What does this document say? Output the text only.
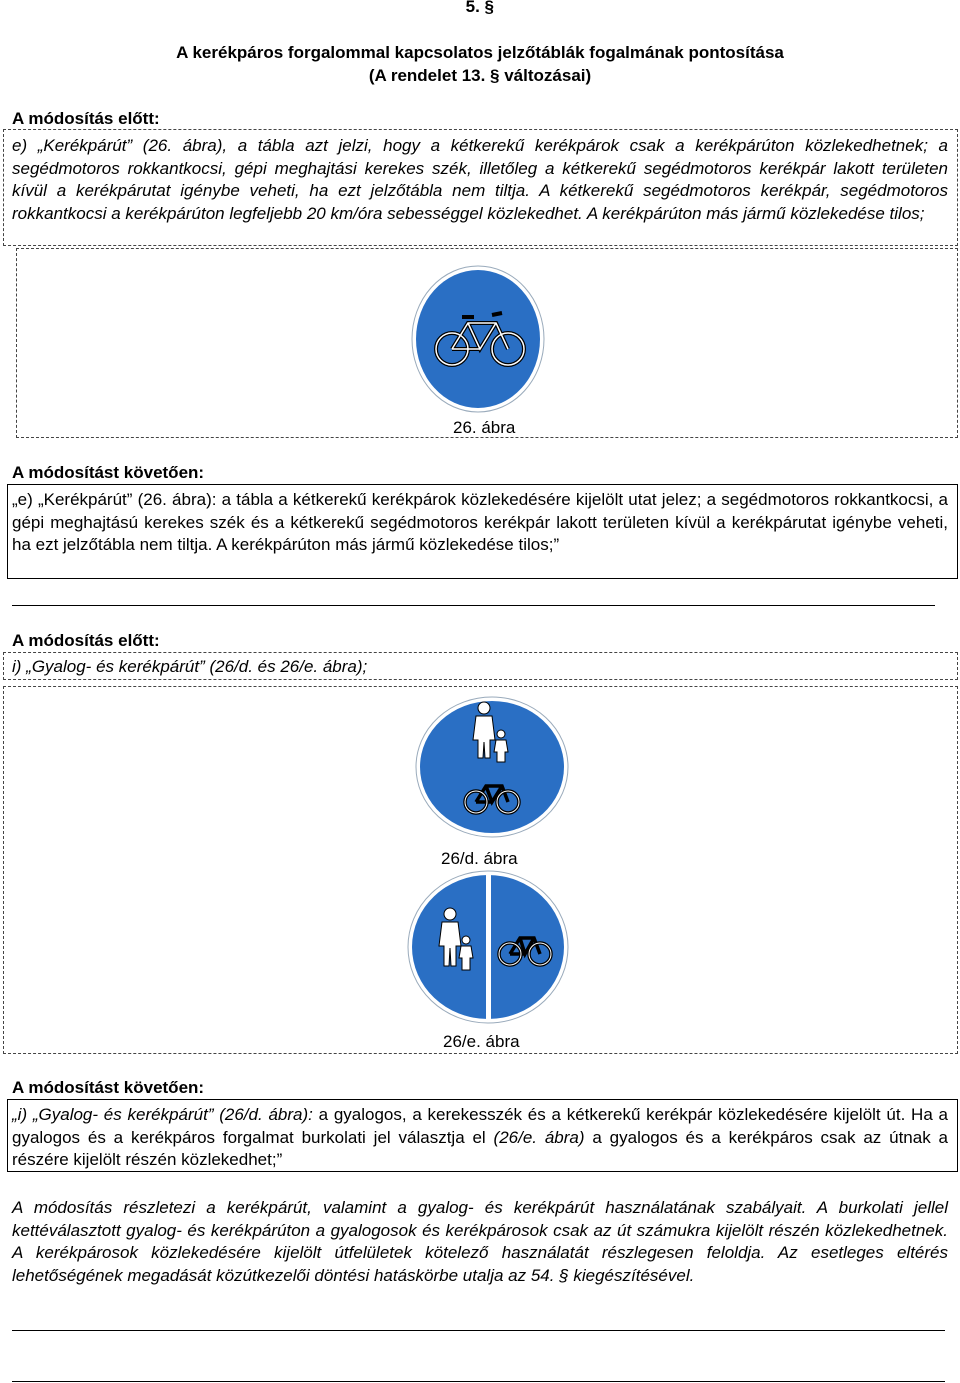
5. §
A kerékpáros forgalommal kapcsolatos jelzőtáblák fogalmának pontosítása
(A rendelet 13. § változásai)
A módosítás előtt:
e) „Kerékpárút” (26. ábra), a tábla azt jelzi, hogy a kétkerekű kerékpárok csak a kerékpárúton közlekedhetnek; a segédmotoros rokkantkocsi, gépi meghajtási kerekes szék, illetőleg a kétkerekű segédmotoros kerékpár lakott területen kívül a kerékpárutat igénybe veheti, ha ezt jelzőtábla nem tiltja. A kétkerekű segédmotoros kerékpár, segédmotoros rokkantkocsi a kerékpárúton legfeljebb 20 km/óra sebességgel közlekedhet. A kerékpárúton más jármű közlekedése tilos;
26. ábra
A módosítást követően:
„e) „Kerékpárút” (26. ábra): a tábla a kétkerekű kerékpárok közlekedésére kijelölt utat jelez; a segédmotoros rokkantkocsi, a gépi meghajtású kerekes szék és a kétkerekű segédmotoros kerékpár lakott területen kívül a kerékpárutat igénybe veheti, ha ezt jelzőtábla nem tiltja. A kerékpárúton más jármű közlekedése tilos;”
A módosítás előtt:
i) „Gyalog- és kerékpárút” (26/d. és 26/e. ábra);
26/d. ábra
26/e. ábra
A módosítást követően:
„i) „Gyalog- és kerékpárút” (26/d. ábra): a gyalogos, a kerekesszék és a kétkerekű kerékpár közlekedésére kijelölt út. Ha a gyalogos és a kerékpáros forgalmat burkolati jel választja el (26/e. ábra) a gyalogos és a kerékpáros csak az útnak a részére kijelölt részén közlekedhet;”
A módosítás részletezi a kerékpárút, valamint a gyalog- és kerékpárút használatának szabályait. A burkolati jellel kettéválasztott gyalog- és kerékpárúton a gyalogosok és kerékpárosok csak az út számukra kijelölt részén közlekedhetnek. A kerékpárosok közlekedésére kijelölt útfelületek kötelező használatát részlegesen feloldja. Az esetleges eltérés lehetőségének megadását közútkezelői döntési hatáskörbe utalja az 54. § kiegészítésével.
